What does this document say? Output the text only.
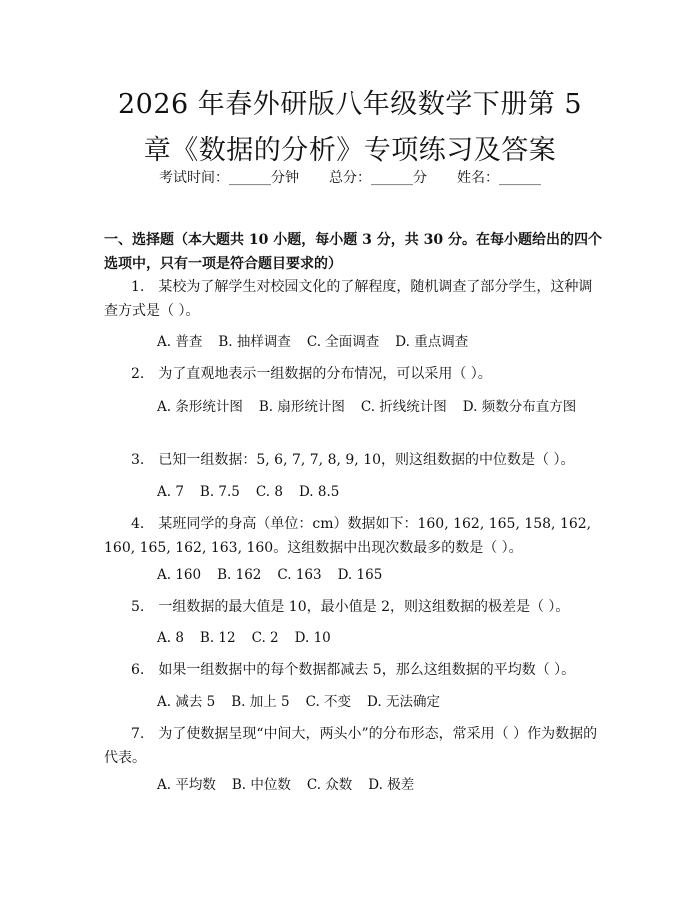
2026 年春外研版八年级数学下册第 5 章《数据的分析》专项练习及答案
考试时间：______分钟 总分：______分 姓名：______
一、选择题（本大题共 10 小题，每小题 3 分，共 30 分。在每小题给出的四个选项中，只有一项是符合题目要求的）
1.　某校为了解学生对校园文化的了解程度，随机调查了部分学生，这种调查方式是（ ）。
A. 普查 B. 抽样调查 C. 全面调查 D. 重点调查
2.　为了直观地表示一组数据的分布情况，可以采用（ ）。
A. 条形统计图 B. 扇形统计图 C. 折线统计图 D. 频数分布直方图
3.　已知一组数据：5, 6, 7, 7, 8, 9, 10，则这组数据的中位数是（ ）。
A. 7 B. 7.5 C. 8 D. 8.5
4.　某班同学的身高（单位：cm）数据如下：160, 162, 165, 158, 162, 160, 165, 162, 163, 160。这组数据中出现次数最多的数是（ ）。
A. 160 B. 162 C. 163 D. 165
5.　一组数据的最大值是 10，最小值是 2，则这组数据的极差是（ ）。
A. 8 B. 12 C. 2 D. 10
6.　如果一组数据中的每个数据都减去 5，那么这组数据的平均数（ ）。
A. 减去 5 B. 加上 5 C. 不变 D. 无法确定
7.　为了使数据呈现“中间大，两头小”的分布形态，常采用（ ）作为数据的代表。
A. 平均数 B. 中位数 C. 众数 D. 极差
